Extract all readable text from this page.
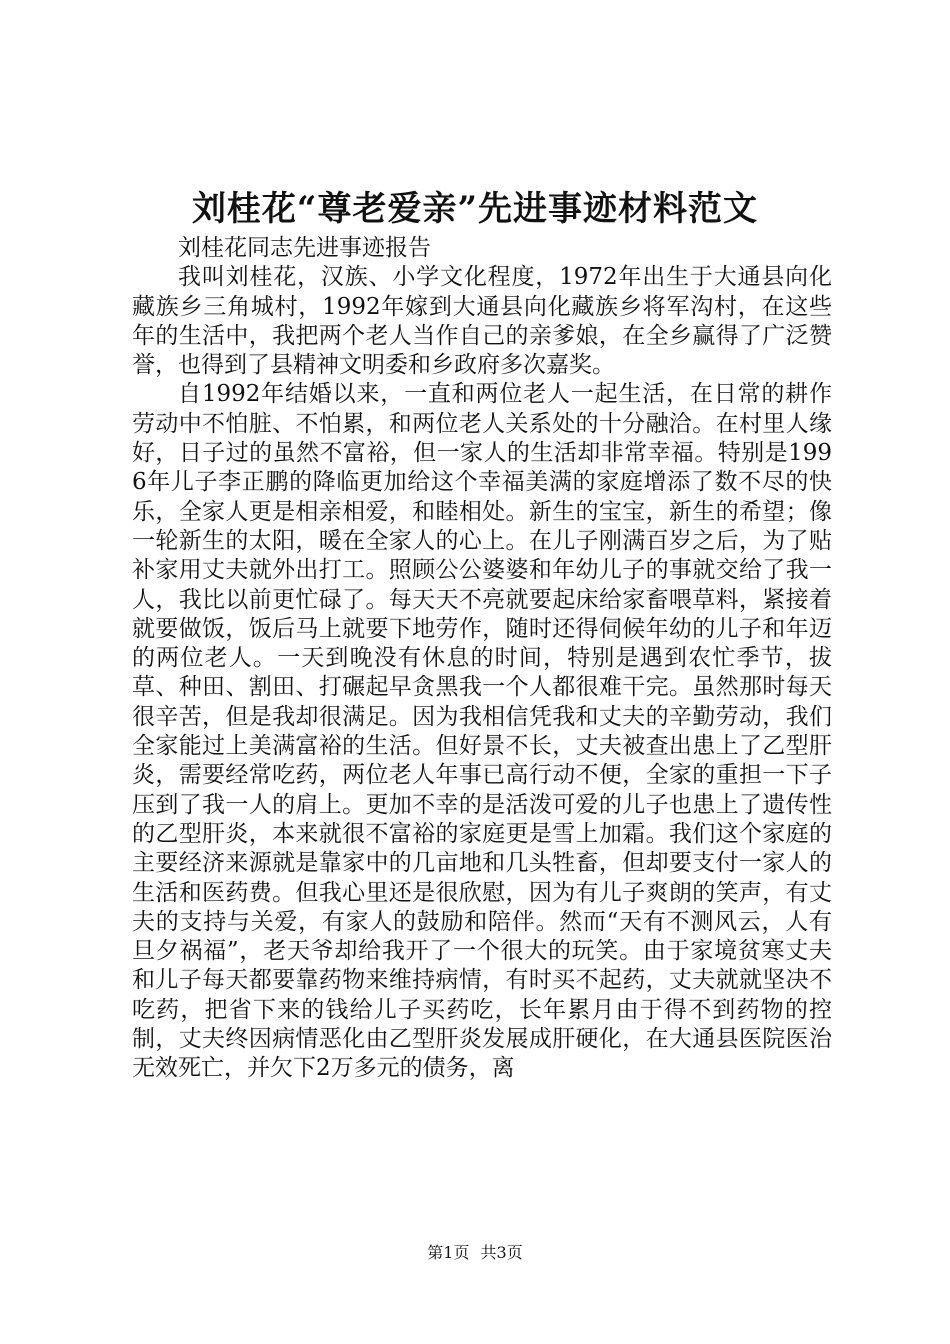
刘桂花“尊老爱亲”先进事迹材料范文

刘桂花同志先进事迹报告

我叫刘桂花，汉族、小学文化程度，1972年出生于大通县向化藏族乡三角城村，1992年嫁到大通县向化藏族乡将军沟村，在这些年的生活中，我把两个老人当作自己的亲爹娘，在全乡赢得了广泛赞誉，也得到了县精神文明委和乡政府多次嘉奖。

自1992年结婚以来，一直和两位老人一起生活，在日常的耕作劳动中不怕脏、不怕累，和两位老人关系处的十分融洽。在村里人缘好，日子过的虽然不富裕，但一家人的生活却非常幸福。特别是1996年儿子李正鹏的降临更加给这个幸福美满的家庭增添了数不尽的快乐，全家人更是相亲相爱，和睦相处。新生的宝宝，新生的希望；像一轮新生的太阳，暖在全家人的心上。在儿子刚满百岁之后，为了贴补家用丈夫就外出打工。照顾公公婆婆和年幼儿子的事就交给了我一人，我比以前更忙碌了。每天天不亮就要起床给家畜喂草料，紧接着就要做饭，饭后马上就要下地劳作，随时还得伺候年幼的儿子和年迈的两位老人。一天到晚没有休息的时间，特别是遇到农忙季节，拔草、种田、割田、打碾起早贪黑我一个人都很难干完。虽然那时每天很辛苦，但是我却很满足。因为我相信凭我和丈夫的辛勤劳动，我们全家能过上美满富裕的生活。但好景不长，丈夫被查出患上了乙型肝炎，需要经常吃药，两位老人年事已高行动不便，全家的重担一下子压到了我一人的肩上。更加不幸的是活泼可爱的儿子也患上了遗传性的乙型肝炎，本来就很不富裕的家庭更是雪上加霜。我们这个家庭的主要经济来源就是靠家中的几亩地和几头牲畜，但却要支付一家人的生活和医药费。但我心里还是很欣慰，因为有儿子爽朗的笑声，有丈夫的支持与关爱，有家人的鼓励和陪伴。然而“天有不测风云，人有旦夕祸福”，老天爷却给我开了一个很大的玩笑。由于家境贫寒丈夫和儿子每天都要靠药物来维持病情，有时买不起药，丈夫就就坚决不吃药，把省下来的钱给儿子买药吃，长年累月由于得不到药物的控制，丈夫终因病情恶化由乙型肝炎发展成肝硬化，在大通县医院医治无效死亡，并欠下2万多元的债务，离

第1页 共3页
